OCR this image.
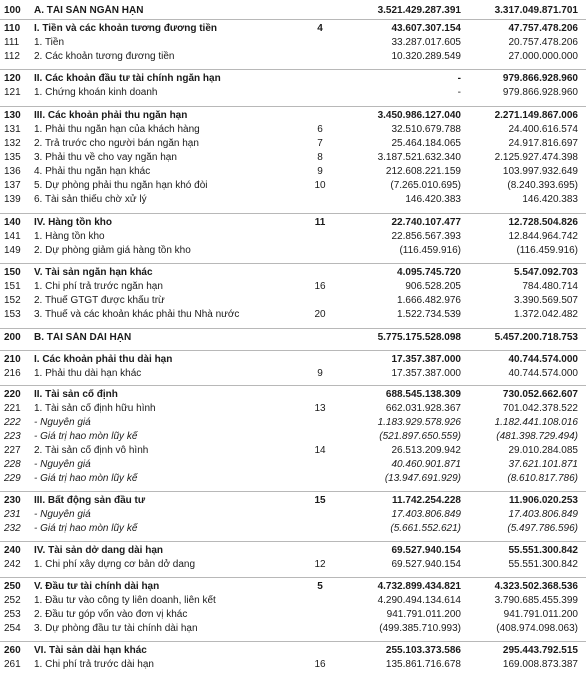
100	A. TÀI SẢN NGẮN HẠN	3.521.429.287.391	3.317.049.871.701
110	I. Tiền và các khoản tương đương tiền	4	43.607.307.154	47.757.478.206
111	1. Tiền	33.287.017.605	20.757.478.206
112	2. Các khoản tương đương tiền	10.320.289.549	27.000.000.000
120	II. Các khoản đầu tư tài chính ngắn hạn	-	979.866.928.960
121	1. Chứng khoán kinh doanh	-	979.866.928.960
130	III. Các khoản phải thu ngắn hạn	3.450.986.127.040	2.271.149.867.006
131	1. Phải thu ngắn hạn của khách hàng	6	32.510.679.788	24.400.616.574
132	2. Trả trước cho người bán ngắn hạn	7	25.464.184.065	24.917.816.697
135	3. Phải thu về cho vay ngắn hạn	8	3.187.521.632.340	2.125.927.474.398
136	4. Phải thu ngắn hạn khác	9	212.608.221.159	103.997.932.649
137	5. Dự phòng phải thu ngắn hạn khó đòi	10	(7.265.010.695)	(8.240.393.695)
139	6. Tài sản thiếu chờ xử lý	146.420.383	146.420.383
140	IV. Hàng tồn kho	11	22.740.107.477	12.728.504.826
141	1. Hàng tồn kho	22.856.567.393	12.844.964.742
149	2. Dự phòng giảm giá hàng tồn kho	(116.459.916)	(116.459.916)
150	V. Tài sản ngắn hạn khác	4.095.745.720	5.547.092.703
151	1. Chi phí trả trước ngắn hạn	16	906.528.205	784.480.714
152	2. Thuế GTGT được khấu trừ	1.666.482.976	3.390.569.507
153	3. Thuế và các khoản khác phải thu Nhà nước	20	1.522.734.539	1.372.042.482
200	B. TÀI SẢN DÀI HẠN	5.775.175.528.098	5.457.200.718.753
210	I. Các khoản phải thu dài hạn	17.357.387.000	40.744.574.000
216	1. Phải thu dài hạn khác	9	17.357.387.000	40.744.574.000
220	II. Tài sản cố định	688.545.138.309	730.052.662.607
221	1. Tài sản cố định hữu hình	13	662.031.928.367	701.042.378.522
222	- Nguyên giá	1.183.929.578.926	1.182.441.108.016
223	- Giá trị hao mòn lũy kế	(521.897.650.559)	(481.398.729.494)
227	2. Tài sản cố định vô hình	14	26.513.209.942	29.010.284.085
228	- Nguyên giá	40.460.901.871	37.621.101.871
229	- Giá trị hao mòn lũy kế	(13.947.691.929)	(8.610.817.786)
230	III. Bất động sản đầu tư	15	11.742.254.228	11.906.020.253
231	- Nguyên giá	17.403.806.849	17.403.806.849
232	- Giá trị hao mòn lũy kế	(5.661.552.621)	(5.497.786.596)
240	IV. Tài sản dở dang dài hạn	69.527.940.154	55.551.300.842
242	1. Chi phí xây dựng cơ bản dở dang	12	69.527.940.154	55.551.300.842
250	V. Đầu tư tài chính dài hạn	5	4.732.899.434.821	4.323.502.368.536
252	1. Đầu tư vào công ty liên doanh, liên kết	4.290.494.134.614	3.790.685.455.399
253	2. Đầu tư góp vốn vào đơn vị khác	941.791.011.200	941.791.011.200
254	3. Dự phòng đầu tư tài chính dài hạn	(499.385.710.993)	(408.974.098.063)
260	VI. Tài sản dài hạn khác	255.103.373.586	295.443.792.515
261	1. Chi phí trả trước dài hạn	16	135.861.716.678	169.008.873.387
